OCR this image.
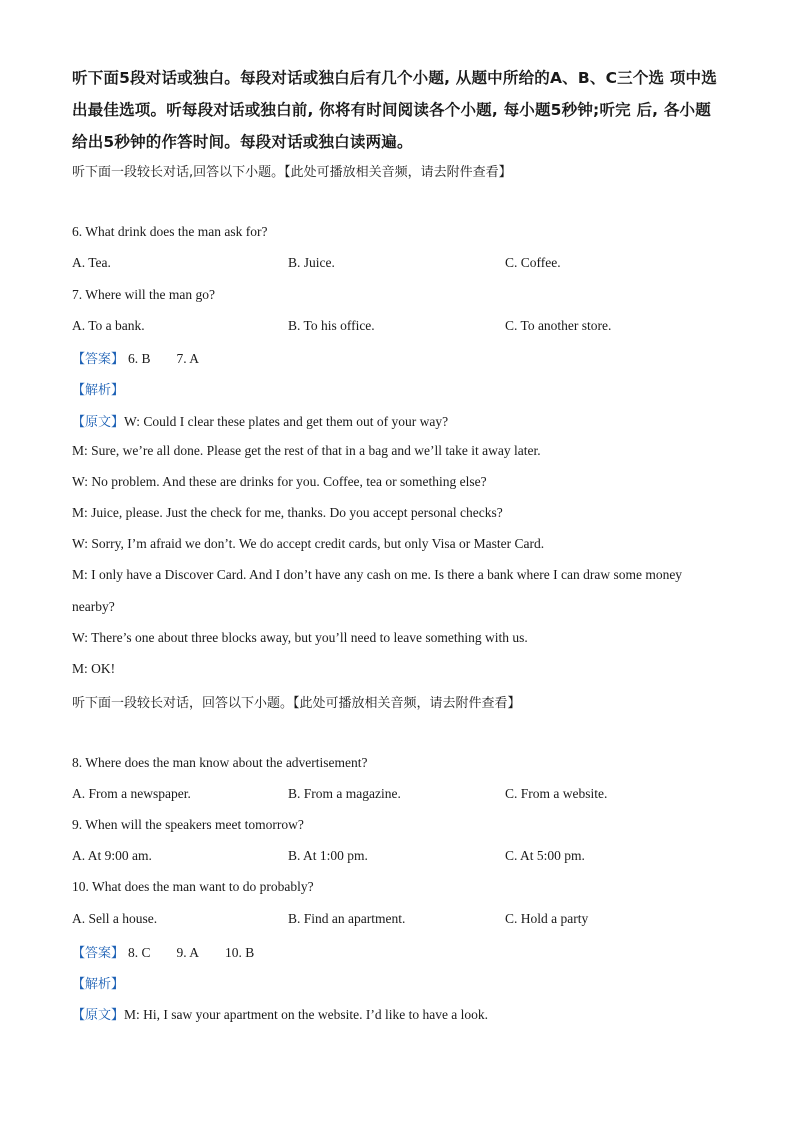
听下面5段对话或独白。每段对话或独白后有几个小题, 从题中所给的A、B、C三个选 项中选出最佳选项。听每段对话或独白前, 你将有时间阅读各个小题, 每小题5秒钟;听完 后, 各小题给出5秒钟的作答时间。每段对话或独白读两遍。
听下面一段较长对话,回答以下小题。【此处可播放相关音频，请去附件查看】
6. What drink does the man ask for?
A. Tea.	B. Juice.	C. Coffee.
7. Where will the man go?
A. To a bank.	B. To his office.	C. To another store.
【答案】 6. B 7. A
【解析】
【原文】W: Could I clear these plates and get them out of your way?
M: Sure, we’re all done. Please get the rest of that in a bag and we’ll take it away later.
W: No problem. And these are drinks for you. Coffee, tea or something else?
M: Juice, please. Just the check for me, thanks. Do you accept personal checks?
W: Sorry, I’m afraid we don’t. We do accept credit cards, but only Visa or Master Card.
M: I only have a Discover Card. And I don’t have any cash on me. Is there a bank where I can draw some money
nearby?
W: There’s one about three blocks away, but you’ll need to leave something with us.
M: OK!
听下面一段较长对话，回答以下小题。【此处可播放相关音频，请去附件查看】
8. Where does the man know about the advertisement?
A. From a newspaper.	B. From a magazine.	C. From a website.
9. When will the speakers meet tomorrow?
A. At 9:00 am.	B. At 1:00 pm.	C. At 5:00 pm.
10. What does the man want to do probably?
A. Sell a house.	B. Find an apartment.	C. Hold a party
【答案】 8. C 9. A 10. B
【解析】
【原文】M: Hi, I saw your apartment on the website. I’d like to have a look.
